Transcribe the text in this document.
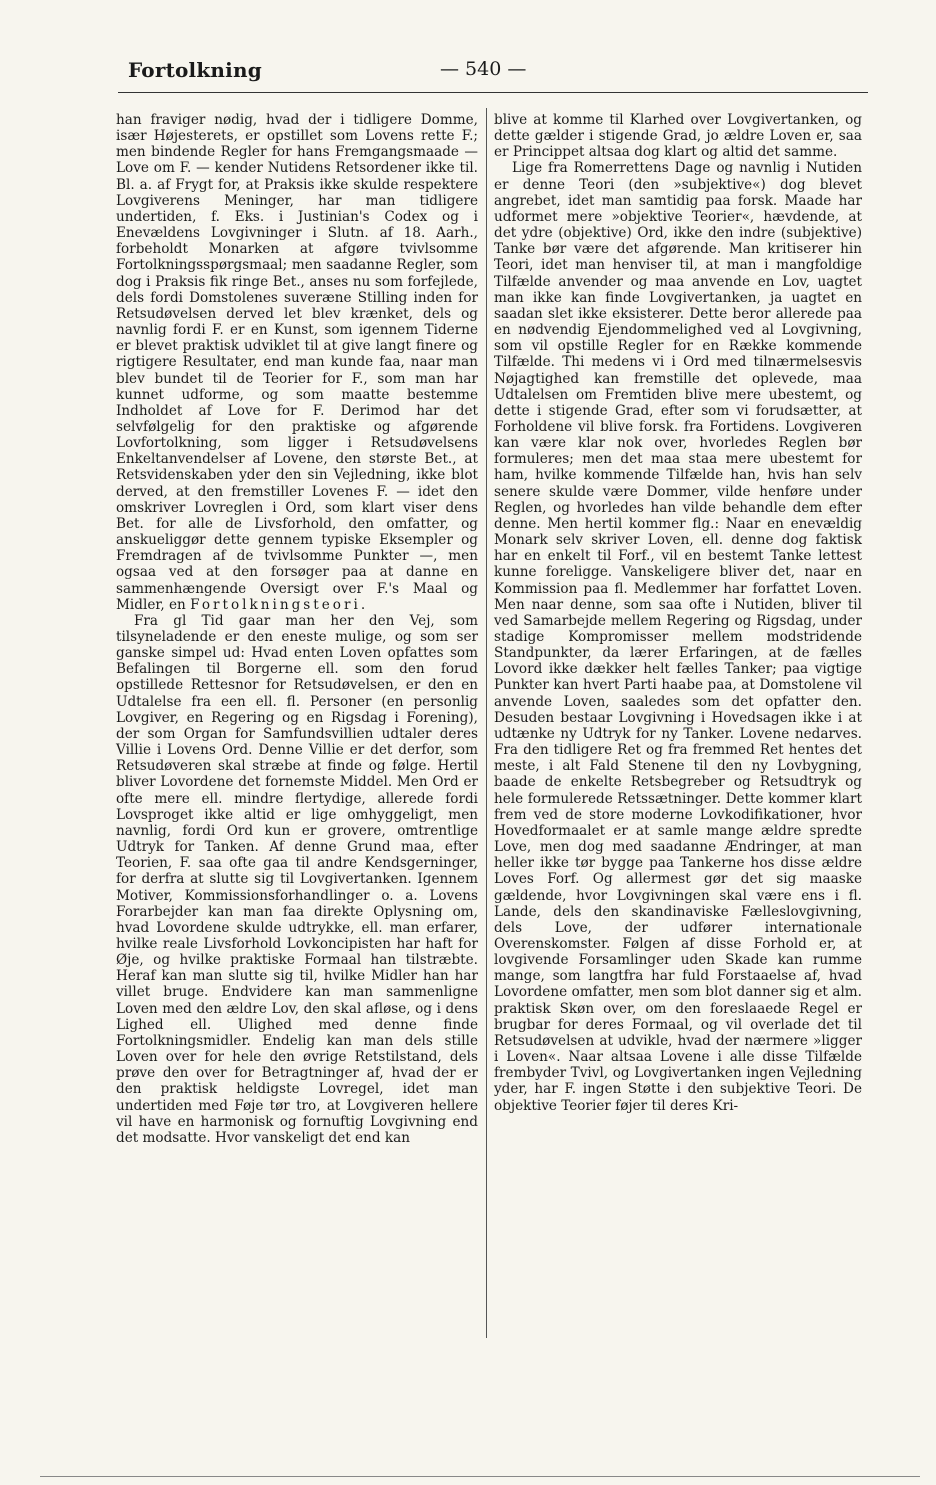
Fortolkning	— 540 —

han fraviger nødig, hvad der i tidligere Domme, især Højesterets, er opstillet som Lovens rette F.; men bindende Regler for hans Fremgangsmaade — Love om F. — kender Nutidens Retsordener ikke til. Bl. a. af Frygt for, at Praksis ikke skulde respektere Lovgiverens Meninger, har man tidligere undertiden, f. Eks. i Justinian's Codex og i Enevældens Lovgivninger i Slutn. af 18. Aarh., forbeholdt Monarken at afgøre tvivlsomme Fortolkningsspørgsmaal; men saadanne Regler, som dog i Praksis fik ringe Bet., anses nu som forfejlede, dels fordi Domstolenes suveræne Stilling inden for Retsudøvelsen derved let blev krænket, dels og navnlig fordi F. er en Kunst, som igennem Tiderne er blevet praktisk udviklet til at give langt finere og rigtigere Resultater, end man kunde faa, naar man blev bundet til de Teorier for F., som man har kunnet udforme, og som maatte bestemme Indholdet af Love for F. Derimod har det selvfølgelig for den praktiske og afgørende Lovfortolkning, som ligger i Retsudøvelsens Enkeltanvendelser af Lovene, den største Bet., at Retsvidenskaben yder den sin Vejledning, ikke blot derved, at den fremstiller Lovenes F. — idet den omskriver Lovreglen i Ord, som klart viser dens Bet. for alle de Livsforhold, den omfatter, og anskueliggør dette gennem typiske Eksempler og Fremdragen af de tvivlsomme Punkter —, men ogsaa ved at den forsøger paa at danne en sammenhængende Oversigt over F.'s Maal og Midler, en Fortolkningsteori.

Fra gl Tid gaar man her den Vej, som tilsyneladende er den eneste mulige, og som ser ganske simpel ud: Hvad enten Loven opfattes som Befalingen til Borgerne ell. som den forud opstillede Rettesnor for Retsudøvelsen, er den en Udtalelse fra een ell. fl. Personer (en personlig Lovgiver, en Regering og en Rigsdag i Forening), der som Organ for Samfundsvillien udtaler deres Villie i Lovens Ord. Denne Villie er det derfor, som Retsudøveren skal stræbe at finde og følge. Hertil bliver Lovordene det fornemste Middel. Men Ord er ofte mere ell. mindre flertydige, allerede fordi Lovsproget ikke altid er lige omhyggeligt, men navnlig, fordi Ord kun er grovere, omtrentlige Udtryk for Tanken. Af denne Grund maa, efter Teorien, F. saa ofte gaa til andre Kendsgerninger, for derfra at slutte sig til Lovgivertanken. Igennem Motiver, Kommissionsforhandlinger o. a. Lovens Forarbejder kan man faa direkte Oplysning om, hvad Lovordene skulde udtrykke, ell. man erfarer, hvilke reale Livsforhold Lovkoncipisten har haft for Øje, og hvilke praktiske Formaal han tilstræbte. Heraf kan man slutte sig til, hvilke Midler han har villet bruge. Endvidere kan man sammenligne Loven med den ældre Lov, den skal afløse, og i dens Lighed ell. Ulighed med denne finde Fortolkningsmidler. Endelig kan man dels stille Loven over for hele den øvrige Retstilstand, dels prøve den over for Betragtninger af, hvad der er den praktisk heldigste Lovregel, idet man undertiden med Føje tør tro, at Lovgiveren hellere vil have en harmonisk og fornuftig Lovgivning end det modsatte. Hvor vanskeligt det end kan

blive at komme til Klarhed over Lovgivertanken, og dette gælder i stigende Grad, jo ældre Loven er, saa er Princippet altsaa dog klart og altid det samme.

Lige fra Romerrettens Dage og navnlig i Nutiden er denne Teori (den »subjektive«) dog blevet angrebet, idet man samtidig paa forsk. Maade har udformet mere »objektive Teorier«, hævdende, at det ydre (objektive) Ord, ikke den indre (subjektive) Tanke bør være det afgørende. Man kritiserer hin Teori, idet man henviser til, at man i mangfoldige Tilfælde anvender og maa anvende en Lov, uagtet man ikke kan finde Lovgivertanken, ja uagtet en saadan slet ikke eksisterer. Dette beror allerede paa en nødvendig Ejendommelighed ved al Lovgivning, som vil opstille Regler for en Række kommende Tilfælde. Thi medens vi i Ord med tilnærmelsesvis Nøjagtighed kan fremstille det oplevede, maa Udtalelsen om Fremtiden blive mere ubestemt, og dette i stigende Grad, efter som vi forudsætter, at Forholdene vil blive forsk. fra Fortidens. Lovgiveren kan være klar nok over, hvorledes Reglen bør formuleres; men det maa staa mere ubestemt for ham, hvilke kommende Tilfælde han, hvis han selv senere skulde være Dommer, vilde henføre under Reglen, og hvorledes han vilde behandle dem efter denne. Men hertil kommer flg.: Naar en enevældig Monark selv skriver Loven, ell. denne dog faktisk har en enkelt til Forf., vil en bestemt Tanke lettest kunne foreligge. Vanskeligere bliver det, naar en Kommission paa fl. Medlemmer har forfattet Loven. Men naar denne, som saa ofte i Nutiden, bliver til ved Samarbejde mellem Regering og Rigsdag, under stadige Kompromisser mellem modstridende Standpunkter, da lærer Erfaringen, at de fælles Lovord ikke dækker helt fælles Tanker; paa vigtige Punkter kan hvert Parti haabe paa, at Domstolene vil anvende Loven, saaledes som det opfatter den. Desuden bestaar Lovgivning i Hovedsagen ikke i at udtænke ny Udtryk for ny Tanker. Lovene nedarves. Fra den tidligere Ret og fra fremmed Ret hentes det meste, i alt Fald Stenene til den ny Lovbygning, baade de enkelte Retsbegreber og Retsudtryk og hele formulerede Retssætninger. Dette kommer klart frem ved de store moderne Lovkodifikationer, hvor Hovedformaalet er at samle mange ældre spredte Love, men dog med saadanne Ændringer, at man heller ikke tør bygge paa Tankerne hos disse ældre Loves Forf. Og allermest gør det sig maaske gældende, hvor Lovgivningen skal være ens i fl. Lande, dels den skandinaviske Fælleslovgivning, dels Love, der udfører internationale Overenskomster. Følgen af disse Forhold er, at lovgivende Forsamlinger uden Skade kan rumme mange, som langtfra har fuld Forstaaelse af, hvad Lovordene omfatter, men som blot danner sig et alm. praktisk Skøn over, om den foreslaaede Regel er brugbar for deres Formaal, og vil overlade det til Retsudøvelsen at udvikle, hvad der nærmere »ligger i Loven«. Naar altsaa Lovene i alle disse Tilfælde frembyder Tvivl, og Lovgivertanken ingen Vejledning yder, har F. ingen Støtte i den subjektive Teori. De objektive Teorier føjer til deres Kri-
